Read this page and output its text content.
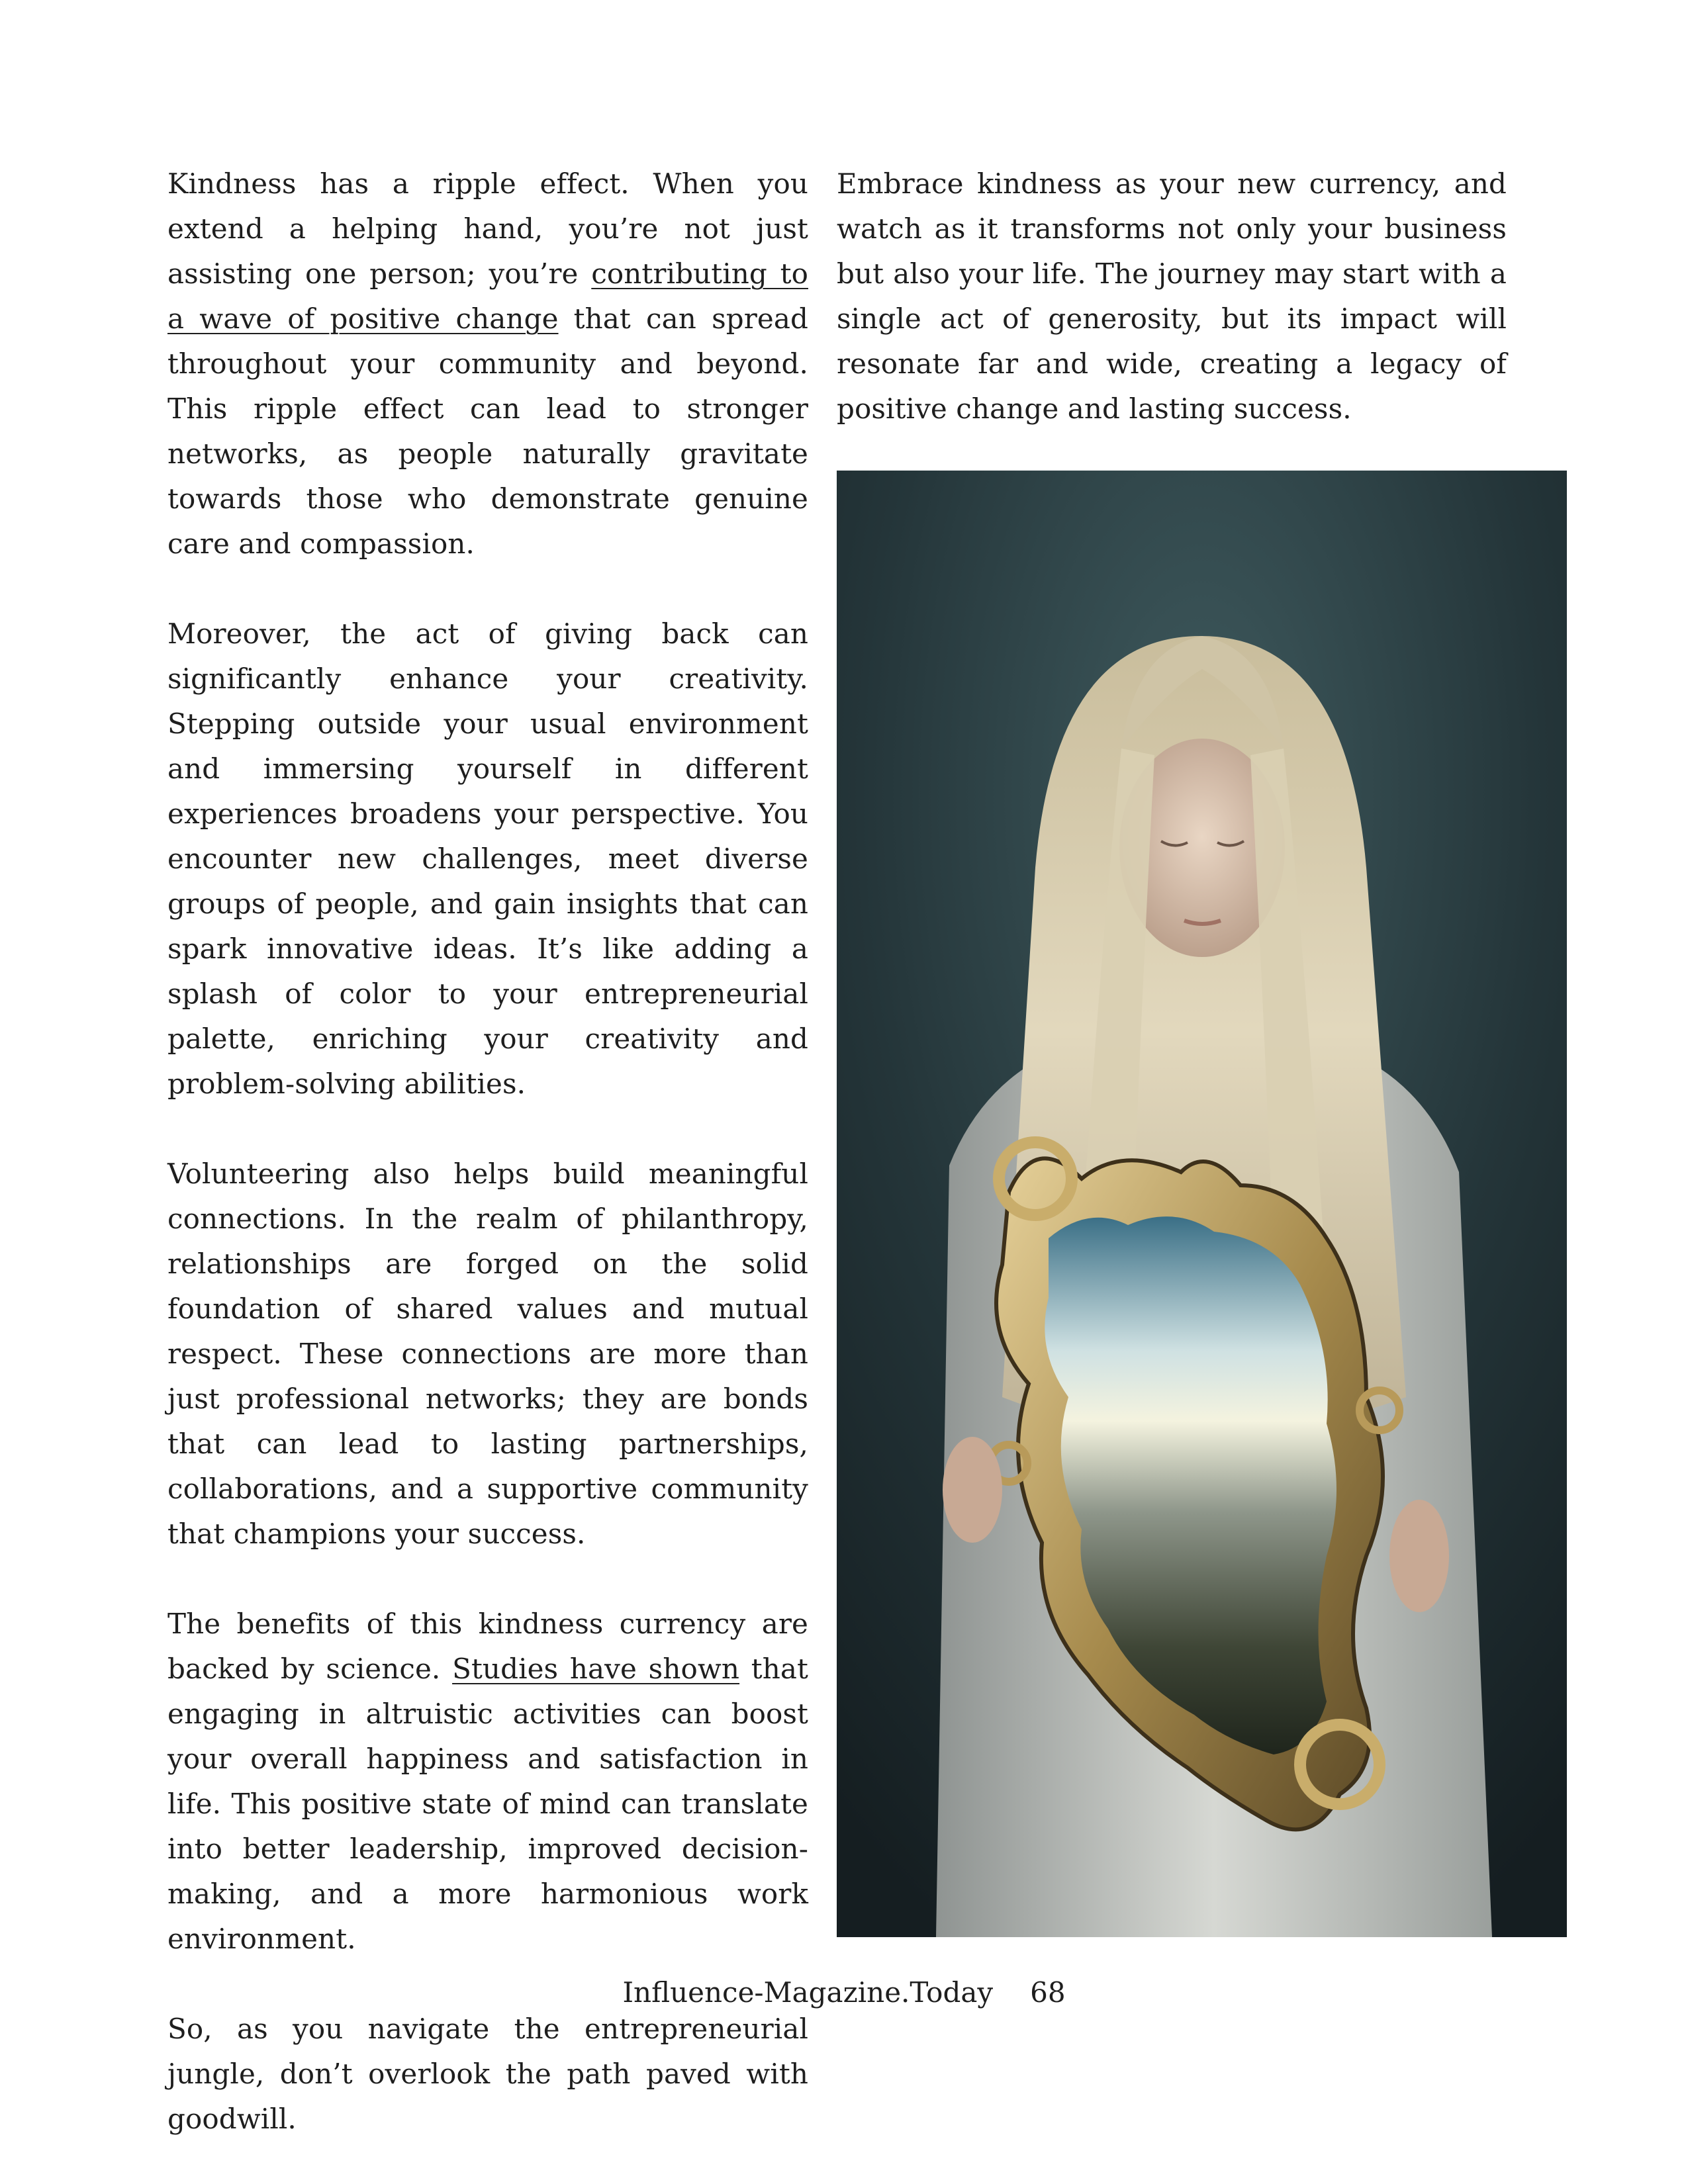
Kindness has a ripple effect. When you extend a helping hand, you’re not just assisting one person; you’re contributing to a wave of positive change that can spread throughout your community and beyond. This ripple effect can lead to stronger networks, as people naturally gravitate towards those who demonstrate genuine care and compassion.

Moreover, the act of giving back can significantly enhance your creativity. Stepping outside your usual environment and immersing yourself in different experiences broadens your perspective. You encounter new challenges, meet diverse groups of people, and gain insights that can spark innovative ideas. It’s like adding a splash of color to your entrepreneurial palette, enriching your creativity and problem-solving abilities.

Volunteering also helps build meaningful connections. In the realm of philanthropy, relationships are forged on the solid foundation of shared values and mutual respect. These connections are more than just professional networks; they are bonds that can lead to lasting partnerships, collaborations, and a supportive community that champions your success.

The benefits of this kindness currency are backed by science. Studies have shown that engaging in altruistic activities can boost your overall happiness and satisfaction in life. This positive state of mind can translate into better leadership, improved decision-making, and a more harmonious work environment.

So, as you navigate the entrepreneurial jungle, don’t overlook the path paved with goodwill.

Embrace kindness as your new currency, and watch as it transforms not only your business but also your life. The journey may start with a single act of generosity, but its impact will resonate far and wide, creating a legacy of positive change and lasting success.

Influence-Magazine.Today 68
